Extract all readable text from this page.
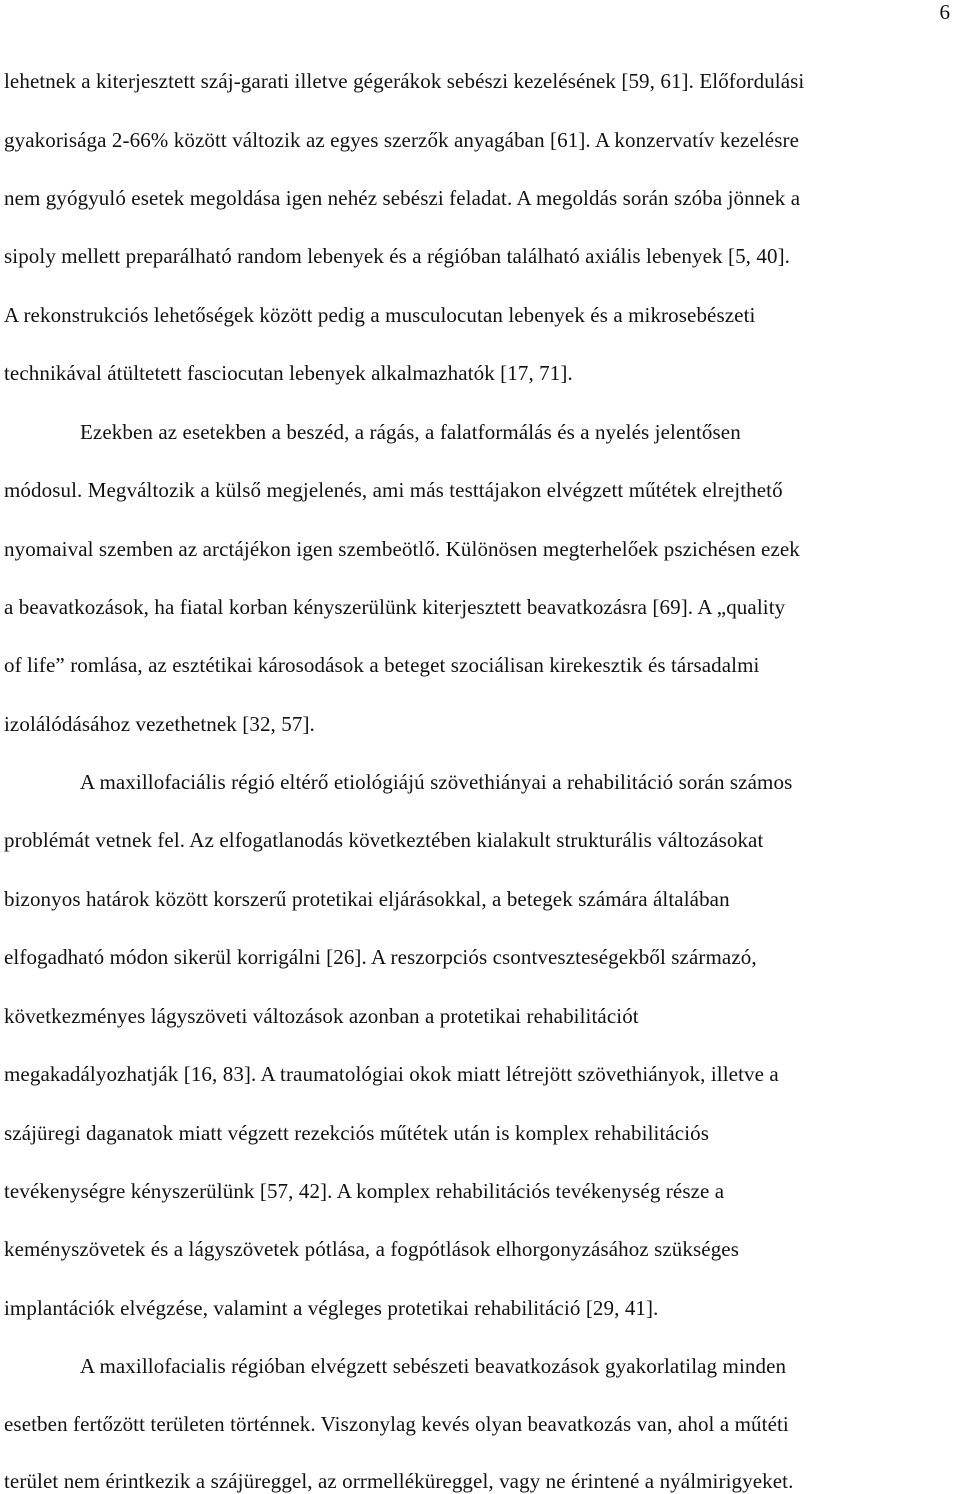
6
lehetnek a kiterjesztett száj-garati illetve gégerákok sebészi kezelésének [59, 61]. Előfordulási
gyakorisága 2-66% között változik az egyes szerzők anyagában [61]. A konzervatív kezelésre
nem gyógyuló esetek megoldása igen nehéz sebészi feladat. A megoldás során szóba jönnek a
sipoly mellett preparálható random lebenyek és a régióban található axiális lebenyek [5, 40].
A rekonstrukciós lehetőségek között pedig a musculocutan lebenyek és a mikrosebészeti
technikával átültetett fasciocutan lebenyek alkalmazhatók [17, 71].
Ezekben az esetekben a beszéd, a rágás, a falatformálás és a nyelés jelentősen
módosul. Megváltozik a külső megjelenés, ami más testtájakon elvégzett műtétek elrejthető
nyomaival szemben az arctájékon igen szembeötlő. Különösen megterhelőek pszichésen ezek
a beavatkozások, ha fiatal korban kényszerülünk kiterjesztett beavatkozásra [69]. A „quality
of life” romlása, az esztétikai károsodások a beteget szociálisan kirekesztik és társadalmi
izolálódásához vezethetnek [32, 57].
A maxillofaciális régió eltérő etiológiájú szövethiányai a rehabilitáció során számos
problémát vetnek fel. Az elfogatlanodás következtében kialakult strukturális változásokat
bizonyos határok között korszerű protetikai eljárásokkal, a betegek számára általában
elfogadható módon sikerül korrigálni [26]. A reszorpciós csontveszteségekből származó,
következményes lágyszöveti változások azonban a protetikai rehabilitációt
megakadályozhatják [16, 83]. A traumatológiai okok miatt létrejött szövethiányok, illetve a
szájüregi daganatok miatt végzett rezekciós műtétek után is komplex rehabilitációs
tevékenységre kényszerülünk [57, 42]. A komplex rehabilitációs tevékenység része a
keményszövetek és a lágyszövetek pótlása, a fogpótlások elhorgonyzásához szükséges
implantációk elvégzése, valamint a végleges protetikai rehabilitáció [29, 41].
A maxillofacialis régióban elvégzett sebészeti beavatkozások gyakorlatilag minden
esetben fertőzött területen történnek. Viszonylag kevés olyan beavatkozás van, ahol a műtéti
terület nem érintkezik a szájüreggel, az orrmelléküreggel, vagy ne érintené a nyálmirigyeket.
